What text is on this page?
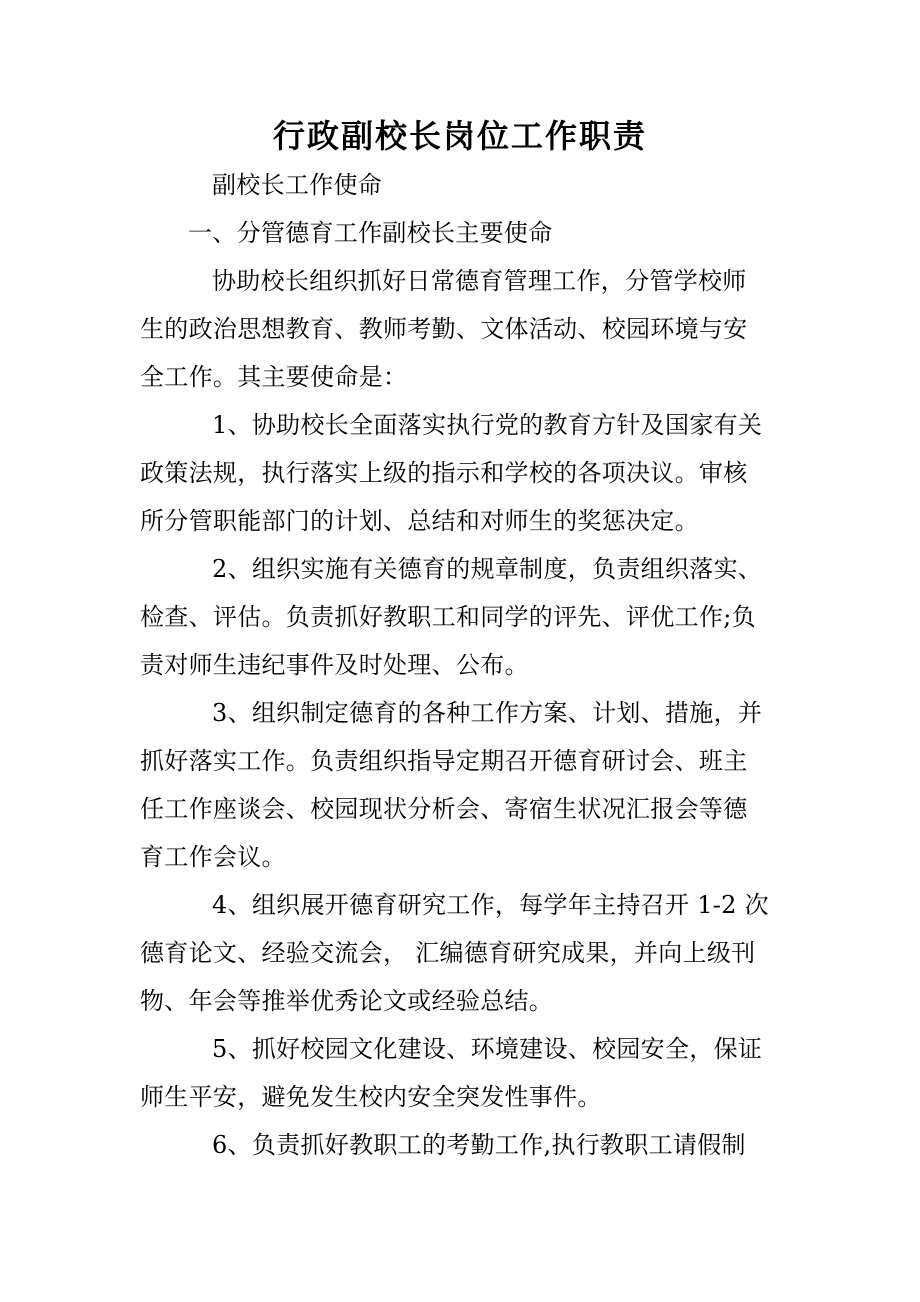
行政副校长岗位工作职责
副校长工作使命
一、分管德育工作副校长主要使命
协助校长组织抓好日常德育管理工作，分管学校师
生的政治思想教育、教师考勤、文体活动、校园环境与安
全工作。其主要使命是：
1、协助校长全面落实执行党的教育方针及国家有关
政策法规，执行落实上级的指示和学校的各项决议。审核
所分管职能部门的计划、总结和对师生的奖惩决定。
2、组织实施有关德育的规章制度，负责组织落实、
检查、评估。负责抓好教职工和同学的评先、评优工作;负
责对师生违纪事件及时处理、公布。
3、组织制定德育的各种工作方案、计划、措施，并
抓好落实工作。负责组织指导定期召开德育研讨会、班主
任工作座谈会、校园现状分析会、寄宿生状况汇报会等德
育工作会议。
4、组织展开德育研究工作，每学年主持召开 1-2 次
德育论文、经验交流会， 汇编德育研究成果，并向上级刊
物、年会等推举优秀论文或经验总结。
5、抓好校园文化建设、环境建设、校园安全，保证
师生平安，避免发生校内安全突发性事件。
6、负责抓好教职工的考勤工作,执行教职工请假制
